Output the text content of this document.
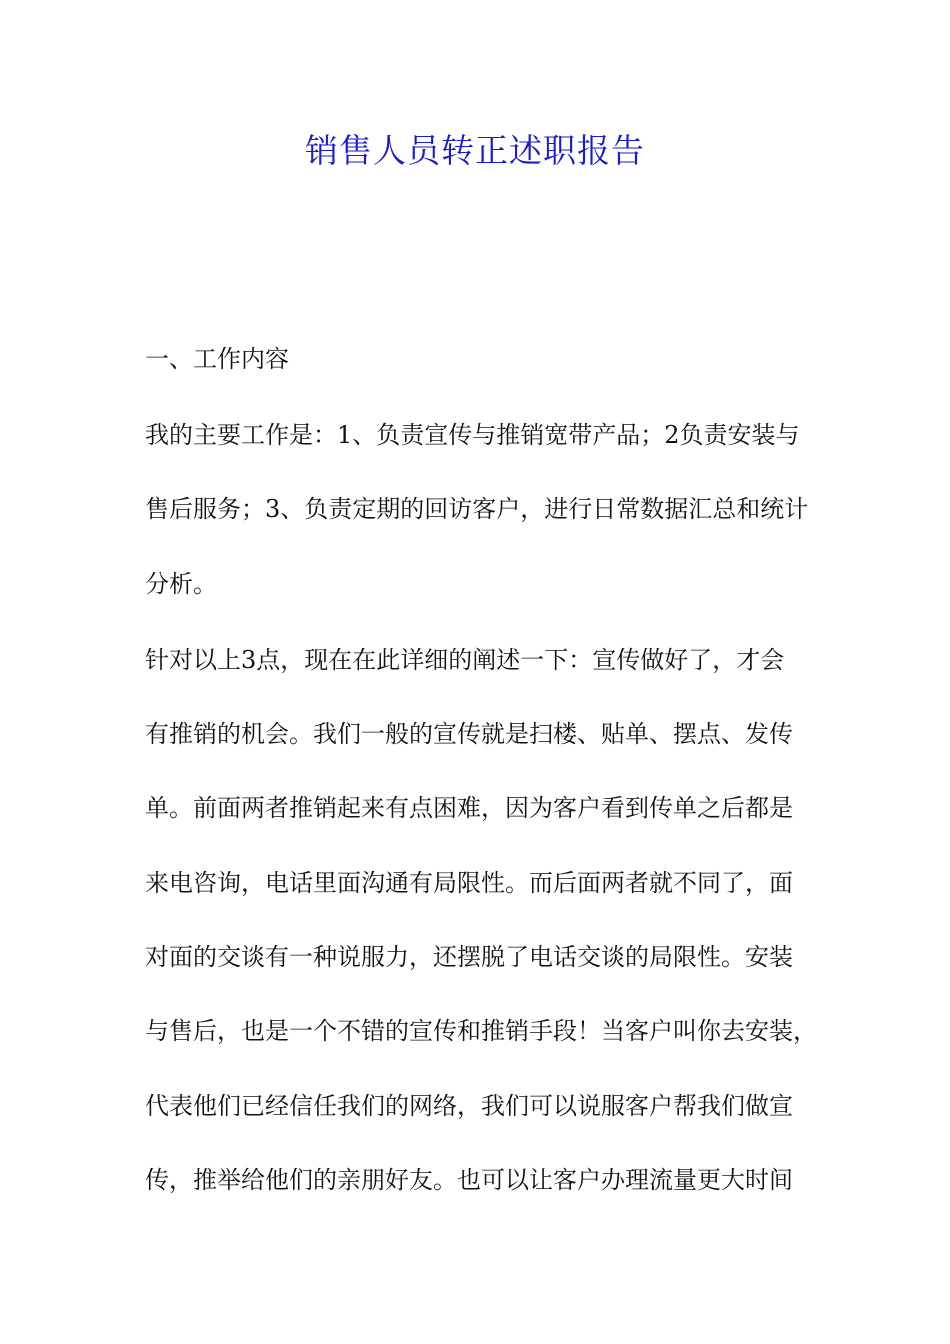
销售人员转正述职报告
一、工作内容
我的主要工作是：1、负责宣传与推销宽带产品；2负责安装与
售后服务；3、负责定期的回访客户，进行日常数据汇总和统计
分析。
针对以上3点，现在在此详细的阐述一下：宣传做好了，才会
有推销的机会。我们一般的宣传就是扫楼、贴单、摆点、发传
单。前面两者推销起来有点困难，因为客户看到传单之后都是
来电咨询，电话里面沟通有局限性。而后面两者就不同了，面
对面的交谈有一种说服力，还摆脱了电话交谈的局限性。安装
与售后，也是一个不错的宣传和推销手段！当客户叫你去安装，
代表他们已经信任我们的网络，我们可以说服客户帮我们做宣
传，推举给他们的亲朋好友。也可以让客户办理流量更大时间
